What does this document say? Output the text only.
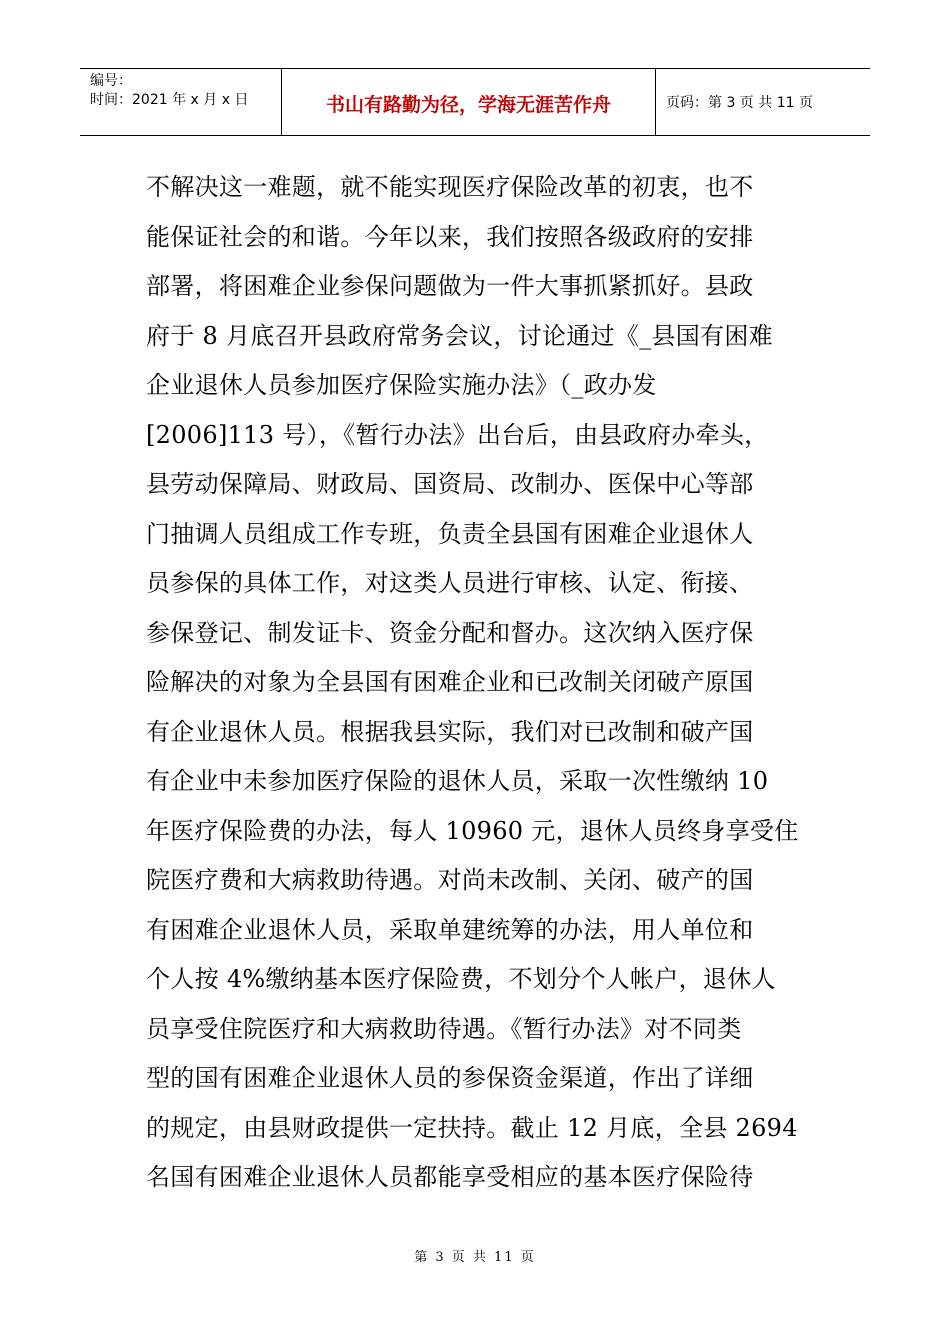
编号：
时间：2021 年 x 月 x 日	书山有路勤为径，学海无涯苦作舟	页码：第 3 页 共 11 页
不解决这一难题，就不能实现医疗保险改革的初衷，也不
能保证社会的和谐。今年以来，我们按照各级政府的安排
部署，将困难企业参保问题做为一件大事抓紧抓好。县政
府于 8 月底召开县政府常务会议，讨论通过《_县国有困难
企业退休人员参加医疗保险实施办法》（_政办发
[2006]113 号），《暂行办法》出台后，由县政府办牵头，
县劳动保障局、财政局、国资局、改制办、医保中心等部
门抽调人员组成工作专班，负责全县国有困难企业退休人
员参保的具体工作，对这类人员进行审核、认定、衔接、
参保登记、制发证卡、资金分配和督办。这次纳入医疗保
险解决的对象为全县国有困难企业和已改制关闭破产原国
有企业退休人员。根据我县实际，我们对已改制和破产国
有企业中未参加医疗保险的退休人员，采取一次性缴纳 10
年医疗保险费的办法，每人 10960 元，退休人员终身享受住
院医疗费和大病救助待遇。对尚未改制、关闭、破产的国
有困难企业退休人员，采取单建统筹的办法，用人单位和
个人按 4%缴纳基本医疗保险费，不划分个人帐户，退休人
员享受住院医疗和大病救助待遇。《暂行办法》对不同类
型的国有困难企业退休人员的参保资金渠道，作出了详细
的规定，由县财政提供一定扶持。截止 12 月底，全县 2694
名国有困难企业退休人员都能享受相应的基本医疗保险待
第 3 页 共 11 页
